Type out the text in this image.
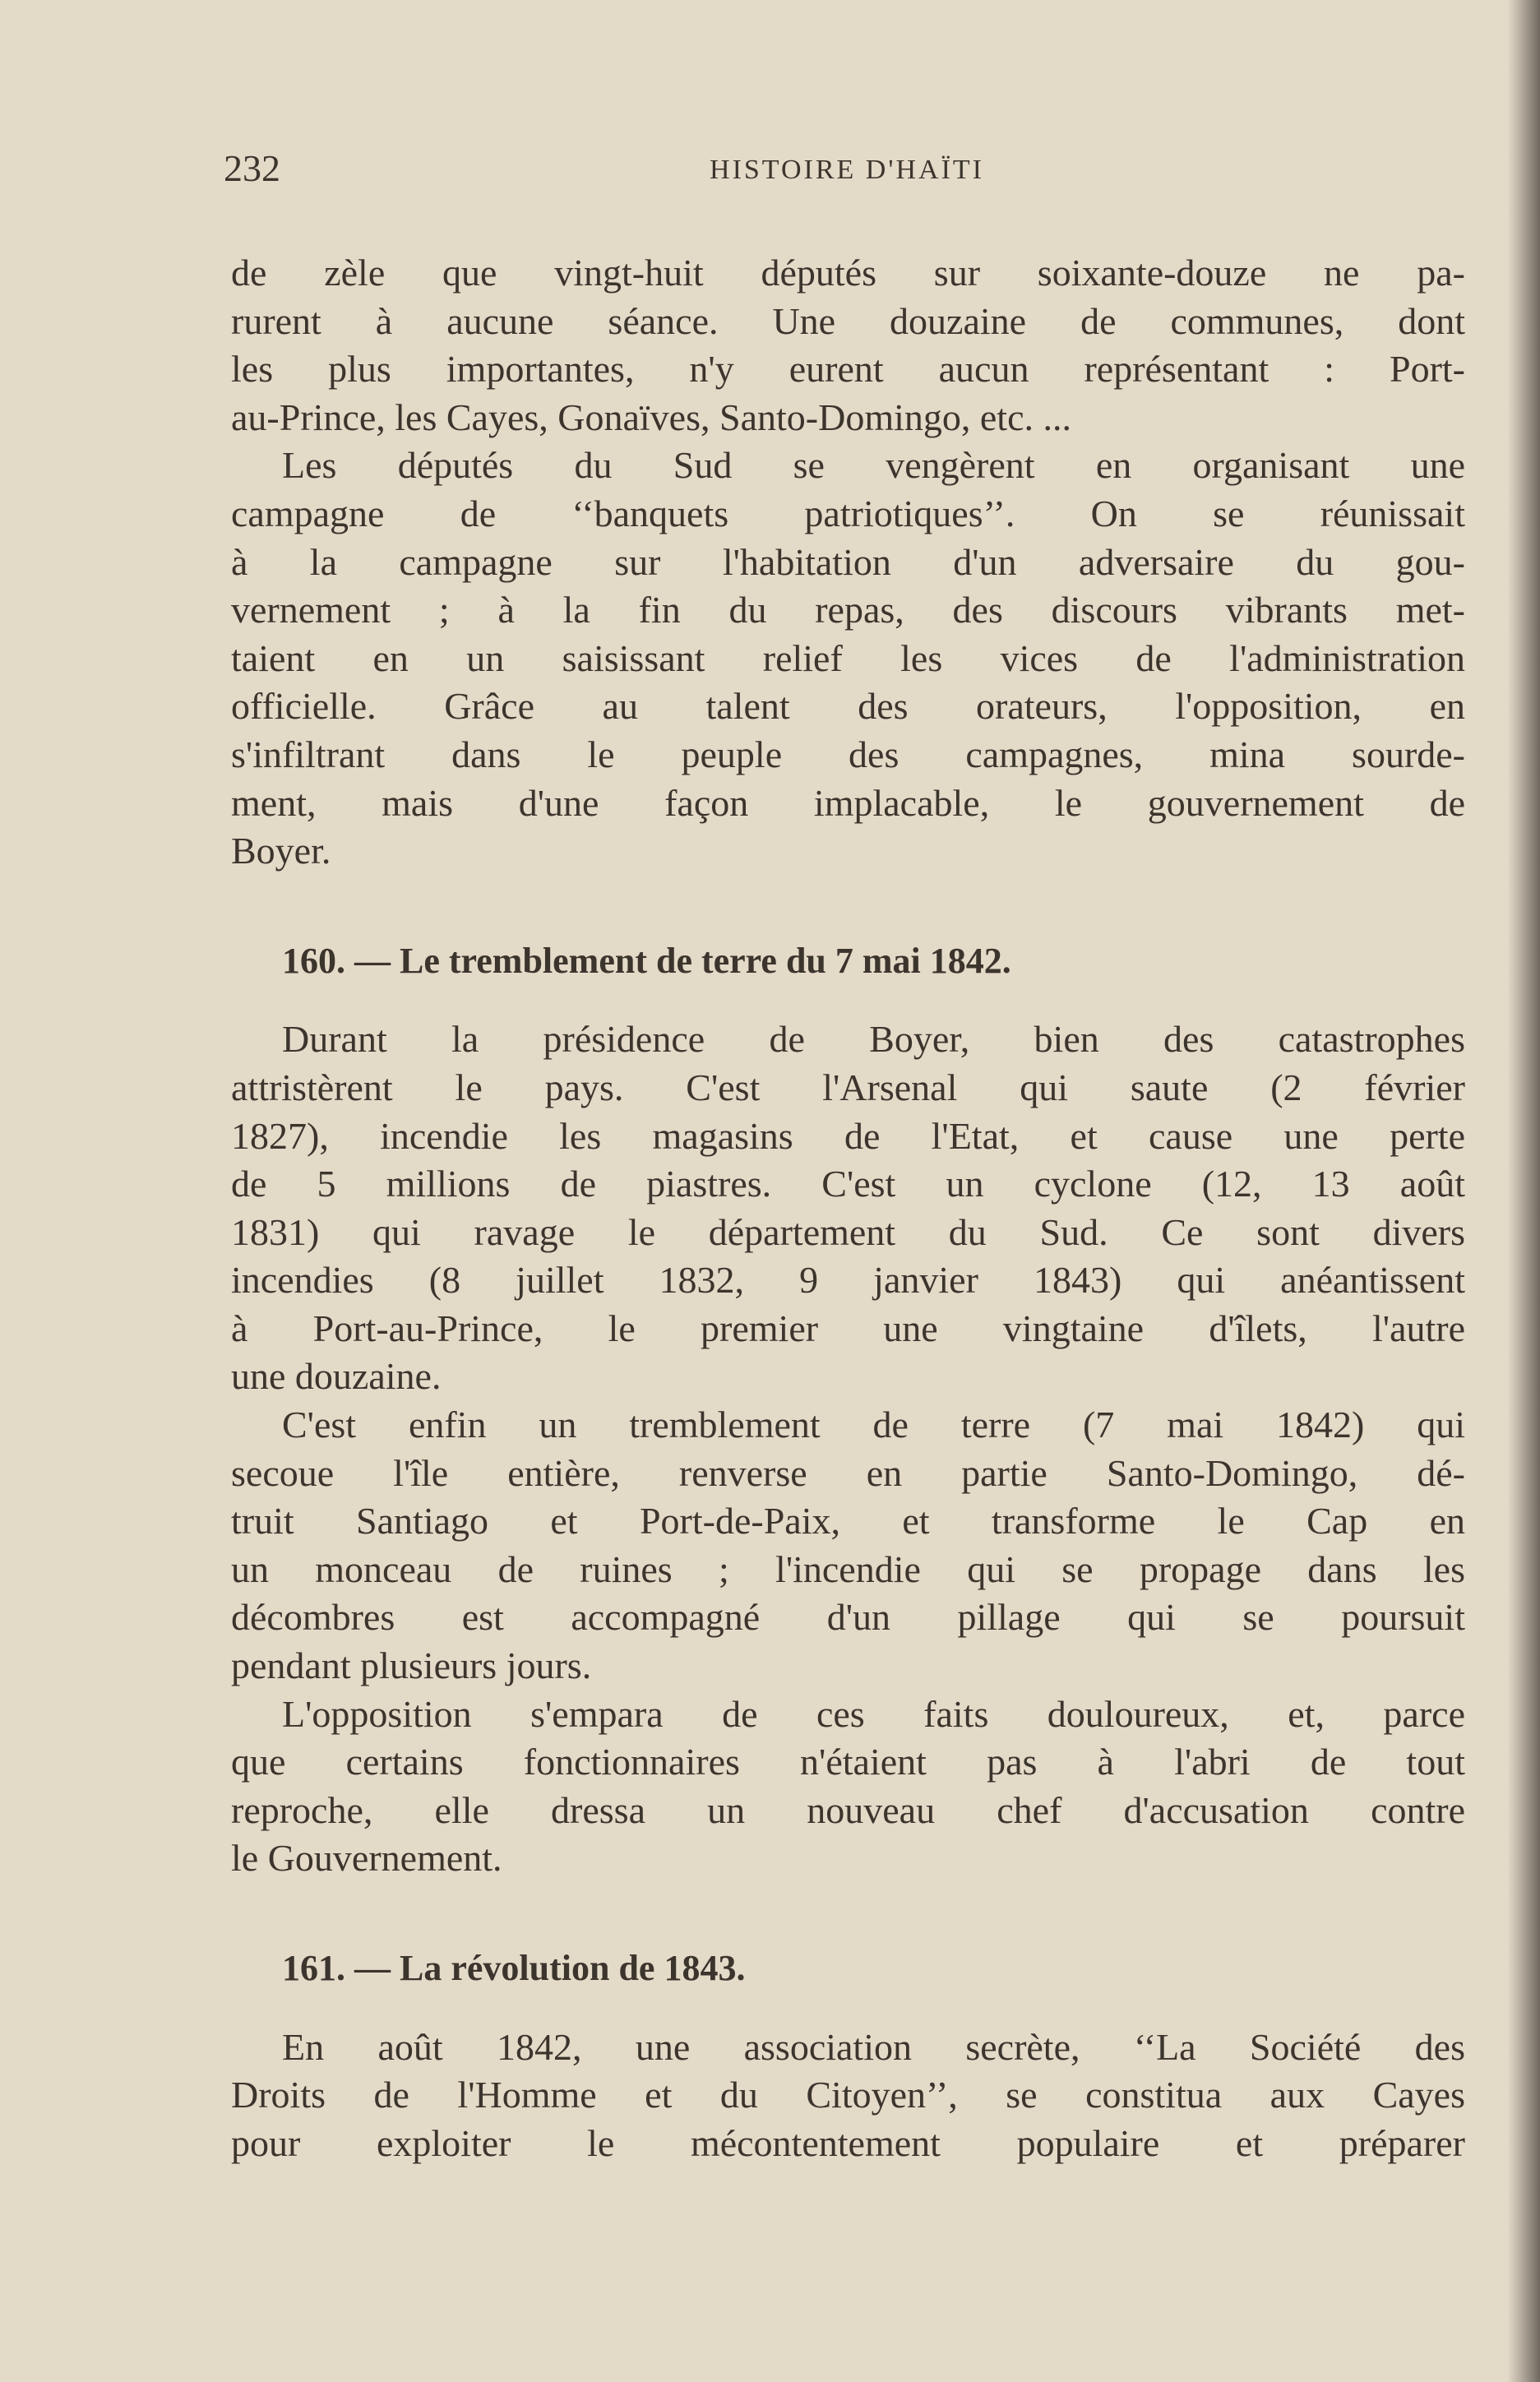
232	HISTOIRE D'HAÏTI
de zèle que vingt-huit députés sur soixante-douze ne pa-
rurent à aucune séance. Une douzaine de communes, dont
les plus importantes, n'y eurent aucun représentant : Port-
au-Prince, les Cayes, Gonaïves, Santo-Domingo, etc. ...
Les députés du Sud se vengèrent en organisant une
campagne de ‘‘banquets patriotiques’’. On se réunissait
à la campagne sur l'habitation d'un adversaire du gou-
vernement ; à la fin du repas, des discours vibrants met-
taient en un saisissant relief les vices de l'administration
officielle. Grâce au talent des orateurs, l'opposition, en
s'infiltrant dans le peuple des campagnes, mina sourde-
ment, mais d'une façon implacable, le gouvernement de
Boyer.
160. — Le tremblement de terre du 7 mai 1842.
Durant la présidence de Boyer, bien des catastrophes
attristèrent le pays. C'est l'Arsenal qui saute (2 février
1827), incendie les magasins de l'Etat, et cause une perte
de 5 millions de piastres. C'est un cyclone (12, 13 août
1831) qui ravage le département du Sud. Ce sont divers
incendies (8 juillet 1832, 9 janvier 1843) qui anéantissent
à Port-au-Prince, le premier une vingtaine d'îlets, l'autre
une douzaine.
C'est enfin un tremblement de terre (7 mai 1842) qui
secoue l'île entière, renverse en partie Santo-Domingo, dé-
truit Santiago et Port-de-Paix, et transforme le Cap en
un monceau de ruines ; l'incendie qui se propage dans les
décombres est accompagné d'un pillage qui se poursuit
pendant plusieurs jours.
L'opposition s'empara de ces faits douloureux, et, parce
que certains fonctionnaires n'étaient pas à l'abri de tout
reproche, elle dressa un nouveau chef d'accusation contre
le Gouvernement.
161. — La révolution de 1843.
En août 1842, une association secrète, ‘‘La Société des
Droits de l'Homme et du Citoyen’’, se constitua aux Cayes
pour exploiter le mécontentement populaire et préparer
